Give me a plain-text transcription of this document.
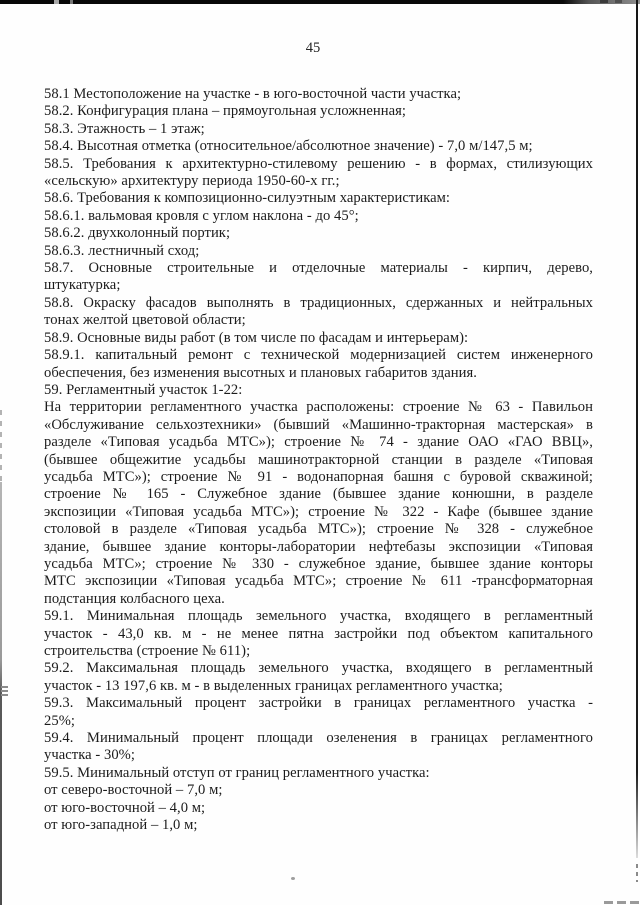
45
58.1 Местоположение на участке - в юго-восточной части участка;
58.2. Конфигурация плана – прямоугольная усложненная;
58.3. Этажность – 1 этаж;
58.4. Высотная отметка (относительное/абсолютное значение) - 7,0 м/147,5 м;
58.5. Требования к архитектурно-стилевому решению - в формах, стилизующих
«сельскую» архитектуру периода 1950-60-х гг.;
58.6. Требования к композиционно-силуэтным характеристикам:
58.6.1. вальмовая кровля с углом наклона - до 45°;
58.6.2. двухколонный портик;
58.6.3. лестничный сход;
58.7. Основные строительные и отделочные материалы - кирпич, дерево,
штукатурка;
58.8. Окраску фасадов выполнять в традиционных, сдержанных и нейтральных
тонах желтой цветовой области;
58.9. Основные виды работ (в том числе по фасадам и интерьерам):
58.9.1. капитальный ремонт с технической модернизацией систем инженерного
обеспечения, без изменения высотных и плановых габаритов здания.
59. Регламентный участок 1-22:
На территории регламентного участка расположены: строение № 63 - Павильон
«Обслуживание сельхозтехники» (бывший «Машинно-тракторная мастерская» в
разделе «Типовая усадьба МТС»); строение № 74 - здание ОАО «ГАО ВВЦ»,
(бывшее общежитие усадьбы машинотракторной станции в разделе «Типовая
усадьба МТС»); строение № 91 - водонапорная башня с буровой скважиной;
строение № 165 - Служебное здание (бывшее здание конюшни, в разделе
экспозиции «Типовая усадьба МТС»); строение № 322 - Кафе (бывшее здание
столовой в разделе «Типовая усадьба МТС»); строение № 328 - служебное
здание, бывшее здание конторы-лаборатории нефтебазы экспозиции «Типовая
усадьба МТС»; строение № 330 - служебное здание, бывшее здание конторы
МТС экспозиции «Типовая усадьба МТС»; строение № 611 -трансформаторная
подстанция колбасного цеха.
59.1. Минимальная площадь земельного участка, входящего в регламентный
участок - 43,0 кв. м - не менее пятна застройки под объектом капитального
строительства (строение № 611);
59.2. Максимальная площадь земельного участка, входящего в регламентный
участок - 13 197,6 кв. м - в выделенных границах регламентного участка;
59.3. Максимальный процент застройки в границах регламентного участка -
25%;
59.4. Минимальный процент площади озеленения в границах регламентного
участка - 30%;
59.5. Минимальный отступ от границ регламентного участка:
от северо-восточной – 7,0 м;
от юго-восточной – 4,0 м;
от юго-западной – 1,0 м;
